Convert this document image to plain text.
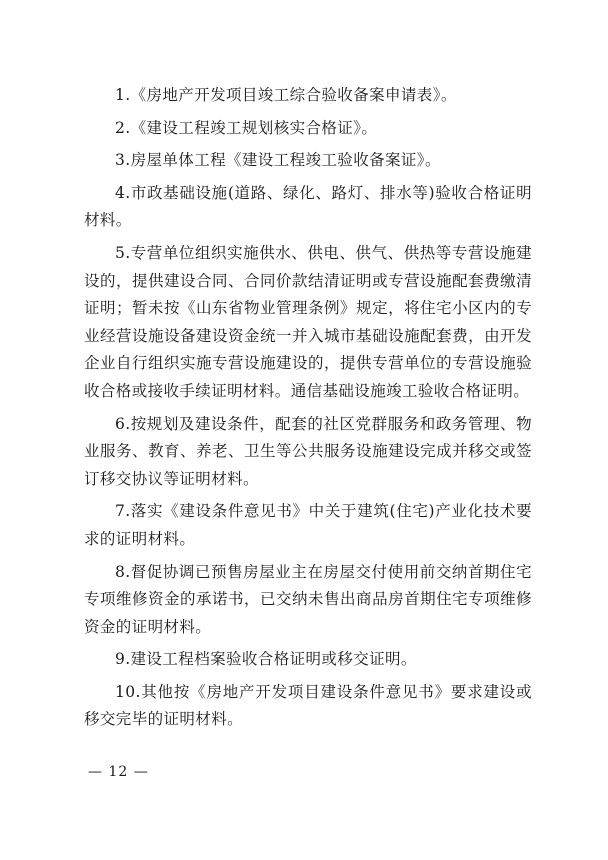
1.《房地产开发项目竣工综合验收备案申请表》。

2.《建设工程竣工规划核实合格证》。

3.房屋单体工程《建设工程竣工验收备案证》。

4.市政基础设施(道路、绿化、路灯、排水等)验收合格证明材料。

5.专营单位组织实施供水、供电、供气、供热等专营设施建设的，提供建设合同、合同价款结清证明或专营设施配套费缴清证明；暂未按《山东省物业管理条例》规定，将住宅小区内的专业经营设施设备建设资金统一并入城市基础设施配套费，由开发企业自行组织实施专营设施建设的，提供专营单位的专营设施验收合格或接收手续证明材料。通信基础设施竣工验收合格证明。

6.按规划及建设条件，配套的社区党群服务和政务管理、物业服务、教育、养老、卫生等公共服务设施建设完成并移交或签订移交协议等证明材料。

7.落实《建设条件意见书》中关于建筑(住宅)产业化技术要求的证明材料。

8.督促协调已预售房屋业主在房屋交付使用前交纳首期住宅专项维修资金的承诺书，已交纳未售出商品房首期住宅专项维修资金的证明材料。

9.建设工程档案验收合格证明或移交证明。

10.其他按《房地产开发项目建设条件意见书》要求建设或移交完毕的证明材料。

— 12 —
